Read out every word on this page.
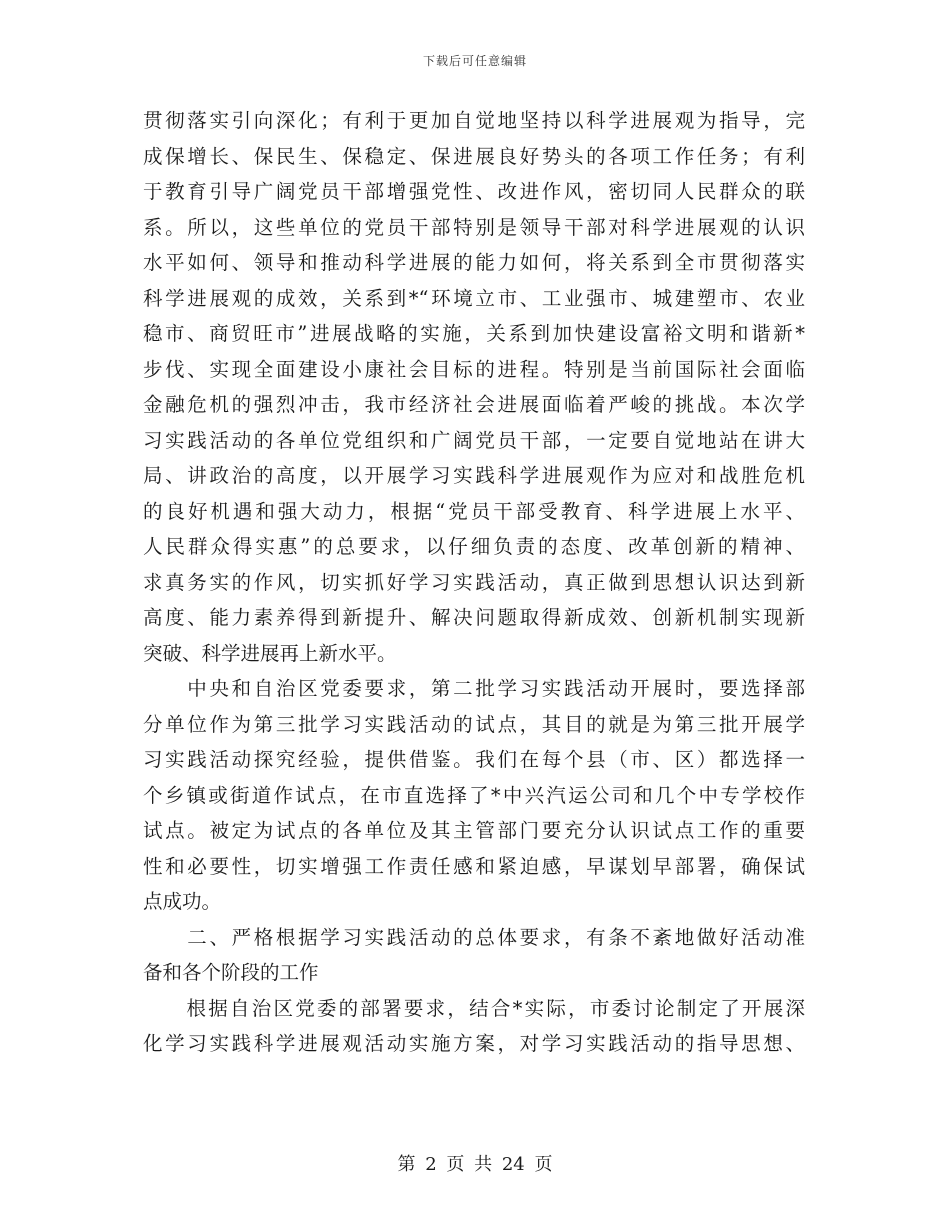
下载后可任意编辑
贯彻落实引向深化；有利于更加自觉地坚持以科学进展观为指导，完
成保增长、保民生、保稳定、保进展良好势头的各项工作任务；有利
于教育引导广阔党员干部增强党性、改进作风，密切同人民群众的联
系。所以，这些单位的党员干部特别是领导干部对科学进展观的认识
水平如何、领导和推动科学进展的能力如何，将关系到全市贯彻落实
科学进展观的成效，关系到*“环境立市、工业强市、城建塑市、农业
稳市、商贸旺市”进展战略的实施，关系到加快建设富裕文明和谐新*
步伐、实现全面建设小康社会目标的进程。特别是当前国际社会面临
金融危机的强烈冲击，我市经济社会进展面临着严峻的挑战。本次学
习实践活动的各单位党组织和广阔党员干部，一定要自觉地站在讲大
局、讲政治的高度，以开展学习实践科学进展观作为应对和战胜危机
的良好机遇和强大动力，根据“党员干部受教育、科学进展上水平、
人民群众得实惠”的总要求，以仔细负责的态度、改革创新的精神、
求真务实的作风，切实抓好学习实践活动，真正做到思想认识达到新
高度、能力素养得到新提升、解决问题取得新成效、创新机制实现新
突破、科学进展再上新水平。
　　中央和自治区党委要求，第二批学习实践活动开展时，要选择部
分单位作为第三批学习实践活动的试点，其目的就是为第三批开展学
习实践活动探究经验，提供借鉴。我们在每个县（市、区）都选择一
个乡镇或街道作试点，在市直选择了*中兴汽运公司和几个中专学校作
试点。被定为试点的各单位及其主管部门要充分认识试点工作的重要
性和必要性，切实增强工作责任感和紧迫感，早谋划早部署，确保试
点成功。
　　二、严格根据学习实践活动的总体要求，有条不紊地做好活动准
备和各个阶段的工作
　　根据自治区党委的部署要求，结合*实际，市委讨论制定了开展深
化学习实践科学进展观活动实施方案，对学习实践活动的指导思想、
第 2 页 共 24 页
